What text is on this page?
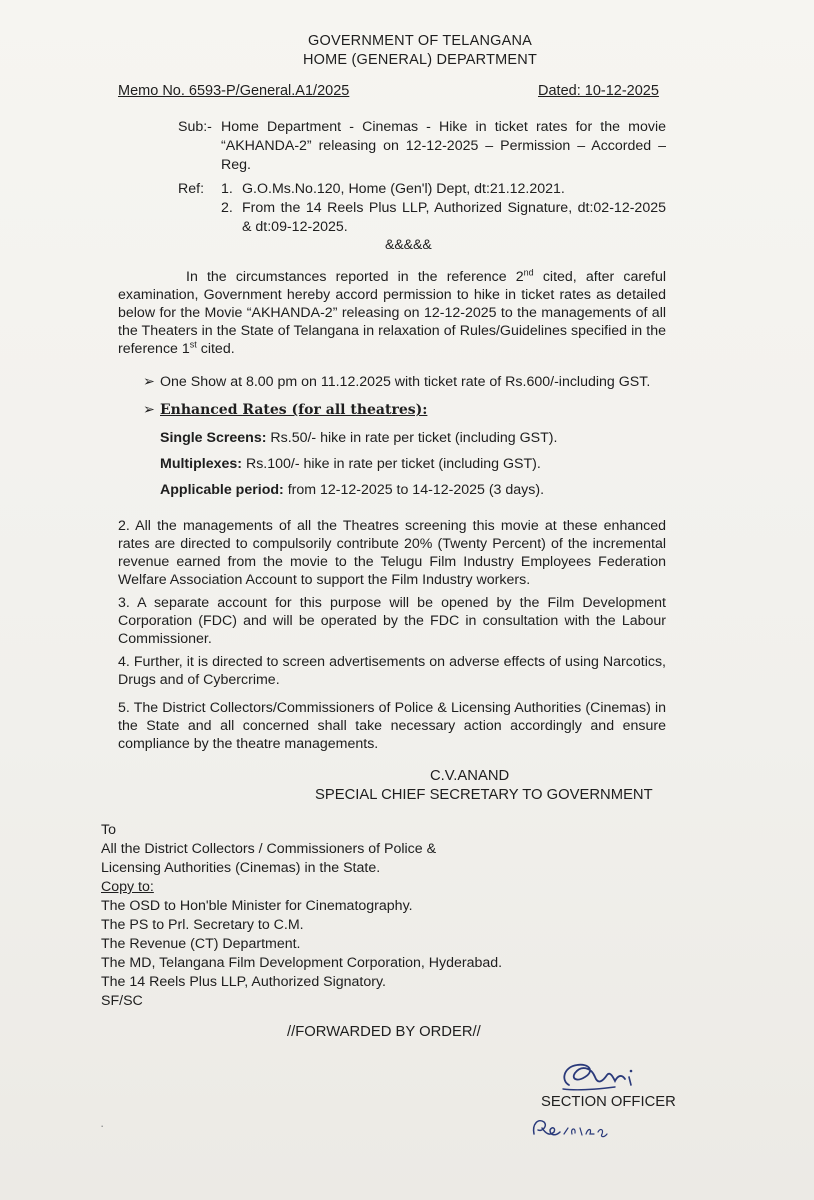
GOVERNMENT OF TELANGANA
HOME (GENERAL) DEPARTMENT
Memo No. 6593-P/General.A1/2025	Dated: 10-12-2025
Sub:- Home Department - Cinemas - Hike in ticket rates for the movie “AKHANDA-2” releasing on 12-12-2025 – Permission – Accorded – Reg.
Ref: 1. G.O.Ms.No.120, Home (Gen'l) Dept, dt:21.12.2021.
2. From the 14 Reels Plus LLP, Authorized Signature, dt:02-12-2025 & dt:09-12-2025.
&&&&&
In the circumstances reported in the reference 2nd cited, after careful examination, Government hereby accord permission to hike in ticket rates as detailed below for the Movie “AKHANDA-2” releasing on 12-12-2025 to the managements of all the Theaters in the State of Telangana in relaxation of Rules/Guidelines specified in the reference 1st cited.
➢ One Show at 8.00 pm on 11.12.2025 with ticket rate of Rs.600/-including GST.
➢ Enhanced Rates (for all theatres):
Single Screens: Rs.50/- hike in rate per ticket (including GST).
Multiplexes: Rs.100/- hike in rate per ticket (including GST).
Applicable period: from 12-12-2025 to 14-12-2025 (3 days).
2. All the managements of all the Theatres screening this movie at these enhanced rates are directed to compulsorily contribute 20% (Twenty Percent) of the incremental revenue earned from the movie to the Telugu Film Industry Employees Federation Welfare Association Account to support the Film Industry workers.
3. A separate account for this purpose will be opened by the Film Development Corporation (FDC) and will be operated by the FDC in consultation with the Labour Commissioner.
4. Further, it is directed to screen advertisements on adverse effects of using Narcotics, Drugs and of Cybercrime.
5. The District Collectors/Commissioners of Police & Licensing Authorities (Cinemas) in the State and all concerned shall take necessary action accordingly and ensure compliance by the theatre managements.
C.V.ANAND
SPECIAL CHIEF SECRETARY TO GOVERNMENT
To
All the District Collectors / Commissioners of Police &
Licensing Authorities (Cinemas) in the State.
Copy to:
The OSD to Hon'ble Minister for Cinematography.
The PS to Prl. Secretary to C.M.
The Revenue (CT) Department.
The MD, Telangana Film Development Corporation, Hyderabad.
The 14 Reels Plus LLP, Authorized Signatory.
SF/SC
//FORWARDED BY ORDER//
SECTION OFFICER
·
